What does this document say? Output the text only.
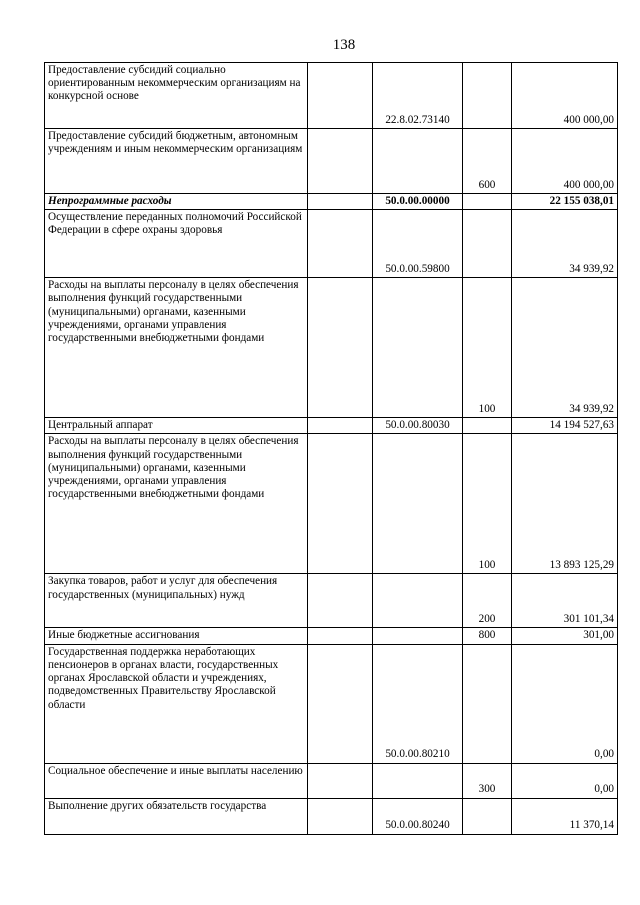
138
Предоставление субсидий социально ориентированным некоммерческим организациям на конкурсной основе		22.8.02.73140		400 000,00
Предоставление субсидий бюджетным, автономным учреждениям и иным некоммерческим организациям			600	400 000,00
Непрограммные расходы		50.0.00.00000		22 155 038,01
Осуществление переданных полномочий Российской Федерации в сфере охраны здоровья		50.0.00.59800		34 939,92
Расходы на выплаты персоналу в целях обеспечения выполнения функций государственными (муниципальными) органами, казенными учреждениями, органами управления государственными внебюджетными фондами			100	34 939,92
Центральный аппарат		50.0.00.80030		14 194 527,63
Расходы на выплаты персоналу в целях обеспечения выполнения функций государственными (муниципальными) органами, казенными учреждениями, органами управления государственными внебюджетными фондами			100	13 893 125,29
Закупка товаров, работ и услуг для обеспечения государственных (муниципальных) нужд			200	301 101,34
Иные бюджетные ассигнования			800	301,00
Государственная поддержка неработающих пенсионеров в органах власти, государственных органах Ярославской области и учреждениях, подведомственных Правительству Ярославской области		50.0.00.80210		0,00
Социальное обеспечение и иные выплаты населению			300	0,00
Выполнение других обязательств государства		50.0.00.80240		11 370,14
